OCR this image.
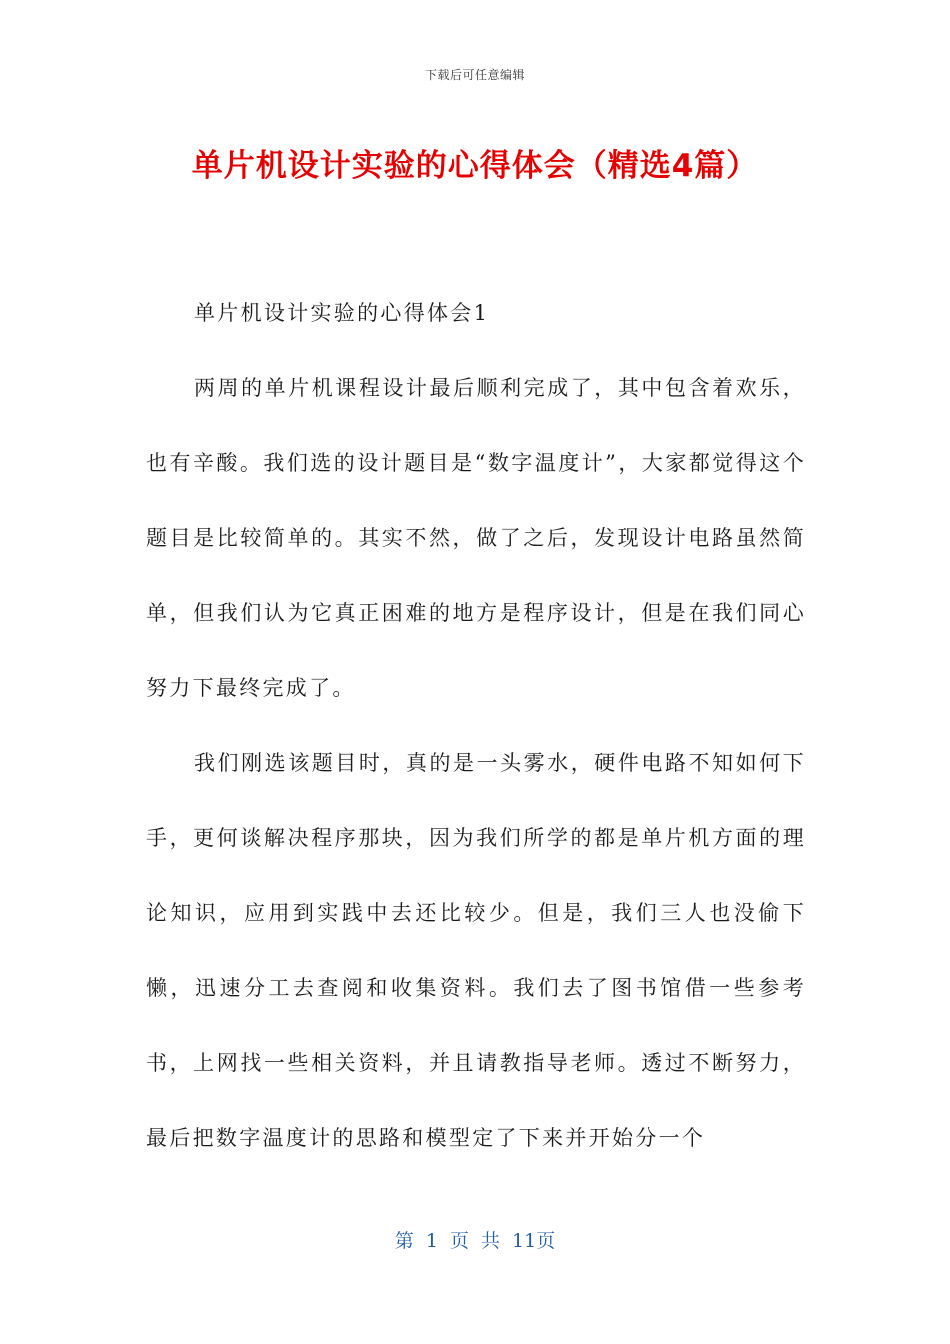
下载后可任意编辑
单片机设计实验的心得体会（精选4篇）

单片机设计实验的心得体会1

两周的单片机课程设计最后顺利完成了，其中包含着欢乐，也有辛酸。我们选的设计题目是“数字温度计”，大家都觉得这个题目是比较简单的。其实不然，做了之后，发现设计电路虽然简单，但我们认为它真正困难的地方是程序设计，但是在我们同心努力下最终完成了。

我们刚选该题目时，真的是一头雾水，硬件电路不知如何下手，更何谈解决程序那块，因为我们所学的都是单片机方面的理论知识，应用到实践中去还比较少。但是，我们三人也没偷下懒，迅速分工去查阅和收集资料。我们去了图书馆借一些参考书，上网找一些相关资料，并且请教指导老师。透过不断努力，最后把数字温度计的思路和模型定了下来并开始分一个

第 1 页 共 11页
